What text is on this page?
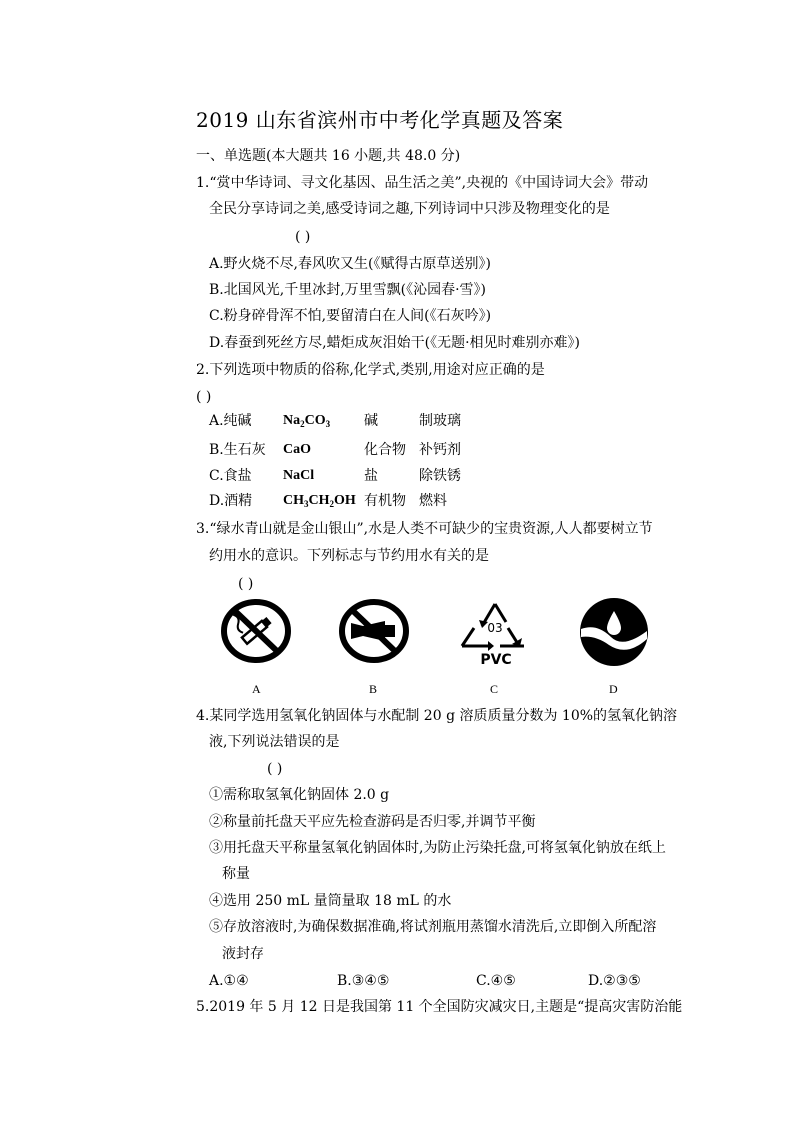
2019 山东省滨州市中考化学真题及答案
一、单选题(本大题共 16 小题,共 48.0 分)
1.“赏中华诗词、寻文化基因、品生活之美”,央视的《中国诗词大会》带动
全民分享诗词之美,感受诗词之趣,下列诗词中只涉及物理变化的是
( )
A.野火烧不尽,春风吹又生(《赋得古原草送别》)
B.北国风光,千里冰封,万里雪飘(《沁园春·雪》)
C.粉身碎骨浑不怕,要留清白在人间(《石灰吟》)
D.春蚕到死丝方尽,蜡炬成灰泪始干(《无题·相见时难别亦难》)
2.下列选项中物质的俗称,化学式,类别,用途对应正确的是
( )
A.纯碱 $Na_2CO_3$ 碱	制玻璃
B.生石灰 CaO	化合物 补钙剂
C.食盐 NaCl	盐	除铁锈
D.酒精 $CH_3CH_2OH$ 有机物 燃料
3.“绿水青山就是金山银山”,水是人类不可缺少的宝贵资源,人人都要树立节
约用水的意识。下列标志与节约用水有关的是
( )
A	B
03
PVC
C	D
4.某同学选用氢氧化钠固体与水配制 20 g 溶质质量分数为 10%的氢氧化钠溶
液,下列说法错误的是
( )
①需称取氢氧化钠固体 2.0 g
②称量前托盘天平应先检查游码是否归零,并调节平衡
③用托盘天平称量氢氧化钠固体时,为防止污染托盘,可将氢氧化钠放在纸上
称量
④选用 250 mL 量筒量取 18 mL 的水
⑤存放溶液时,为确保数据准确,将试剂瓶用蒸馏水清洗后,立即倒入所配溶
液封存
A.①④	B.③④⑤	C.④⑤	D.②③⑤
5.2019 年 5 月 12 日是我国第 11 个全国防灾减灾日,主题是“提高灾害防治能
